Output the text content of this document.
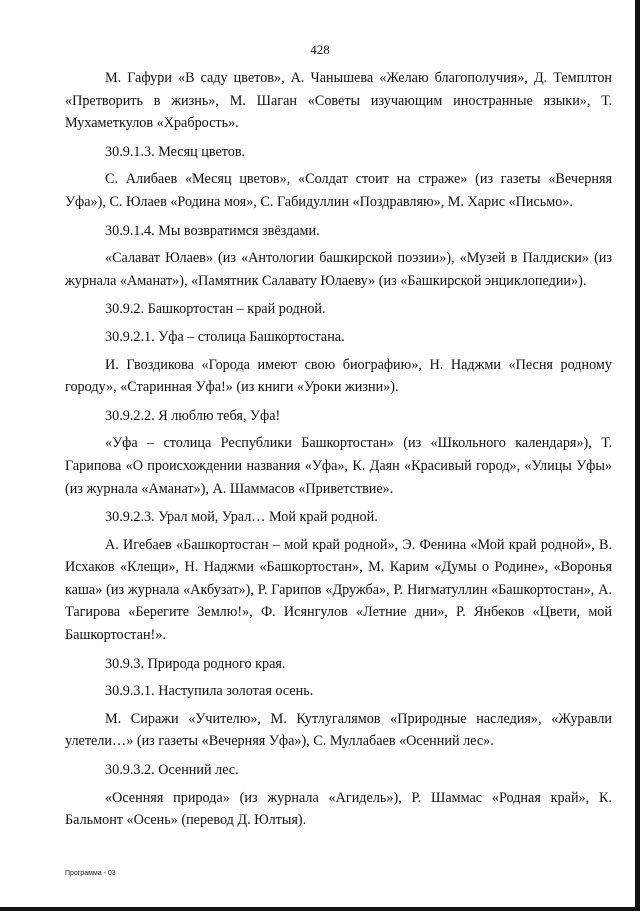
428

М. Гафури «В саду цветов», А. Чанышева «Желаю благополучия», Д. Темплтон «Претворить в жизнь», М. Шаган «Советы изучающим иностранные языки», Т. Мухаметкулов «Храбрость».

30.9.1.3. Месяц цветов.

С. Алибаев «Месяц цветов», «Солдат стоит на страже» (из газеты «Вечерняя Уфа»), С. Юлаев «Родина моя», С. Габидуллин «Поздравляю», М. Харис «Письмо».

30.9.1.4. Мы возвратимся звёздами.

«Салават Юлаев» (из «Антологии башкирской поэзии»), «Музей в Палдиски» (из журнала «Аманат»), «Памятник Салавату Юлаеву» (из «Башкирской энциклопедии»).

30.9.2. Башкортостан – край родной.

30.9.2.1. Уфа – столица Башкортостана.

И. Гвоздикова «Города имеют свою биографию», Н. Наджми «Песня родному городу», «Старинная Уфа!» (из книги «Уроки жизни»).

30.9.2.2. Я люблю тебя, Уфа!

«Уфа – столица Республики Башкортостан» (из «Школьного календаря»), Т. Гарипова «О происхождении названия «Уфа», К. Даян «Красивый город», «Улицы Уфы» (из журнала «Аманат»), А. Шаммасов «Приветствие».

30.9.2.3. Урал мой, Урал… Мой край родной.

А. Игебаев «Башкортостан – мой край родной», Э. Фенина «Мой край родной», В. Исхаков «Клещи», Н. Наджми «Башкортостан», М. Карим «Думы о Родине», «Воронья каша» (из журнала «Акбузат»), Р. Гарипов «Дружба», Р. Нигматуллин «Башкортостан», А. Тагирова «Берегите Землю!», Ф. Исянгулов «Летние дни», Р. Янбеков «Цвети, мой Башкортостан!».

30.9.3. Природа родного края.

30.9.3.1. Наступила золотая осень.

М. Сиражи «Учителю», М. Кутлугалямов «Природные наследия», «Журавли улетели…» (из газеты «Вечерняя Уфа»), С. Муллабаев «Осенний лес».

30.9.3.2. Осенний лес.

«Осенняя природа» (из журнала «Агидель»), Р. Шаммас «Родная край», К. Бальмонт «Осень» (перевод Д. Юлтыя).

Программа - 03
